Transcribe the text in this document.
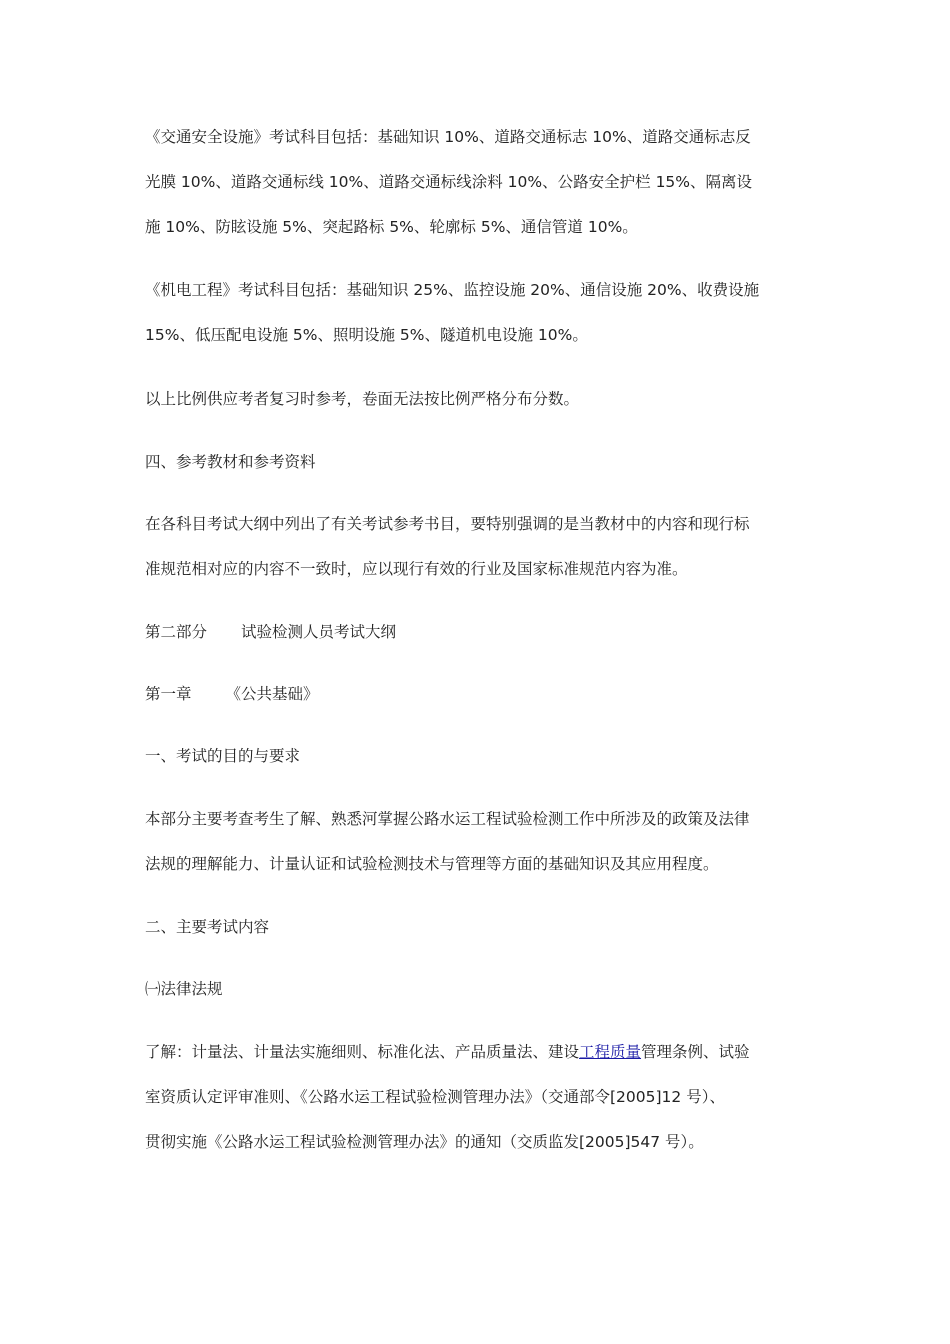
《交通安全设施》考试科目包括：基础知识 10%、道路交通标志 10%、道路交通标志反
光膜 10%、道路交通标线 10%、道路交通标线涂料 10%、公路安全护栏 15%、隔离设
施 10%、防眩设施 5%、突起路标 5%、轮廓标 5%、通信管道 10%。

《机电工程》考试科目包括：基础知识 25%、监控设施 20%、通信设施 20%、收费设施
15%、低压配电设施 5%、照明设施 5%、隧道机电设施 10%。

以上比例供应考者复习时参考，卷面无法按比例严格分布分数。

四、参考教材和参考资料

在各科目考试大纲中列出了有关考试参考书目，要特别强调的是当教材中的内容和现行标
准规范相对应的内容不一致时，应以现行有效的行业及国家标准规范内容为准。

第二部分 试验检测人员考试大纲

第一章 《公共基础》

一、考试的目的与要求

本部分主要考查考生了解、熟悉河掌握公路水运工程试验检测工作中所涉及的政策及法律
法规的理解能力、计量认证和试验检测技术与管理等方面的基础知识及其应用程度。

二、主要考试内容

㈠法律法规

了解：计量法、计量法实施细则、标准化法、产品质量法、建设工程质量管理条例、试验
室资质认定评审准则、《公路水运工程试验检测管理办法》（交通部令[2005]12 号）、
贯彻实施《公路水运工程试验检测管理办法》的通知（交质监发[2005]547 号）。
